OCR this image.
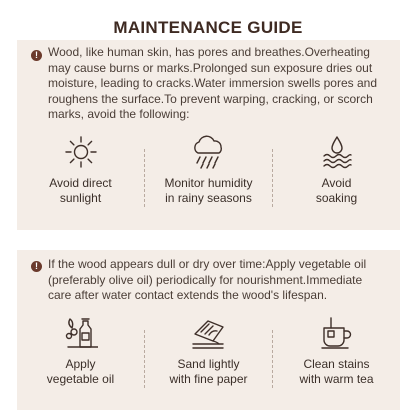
MAINTENANCE GUIDE
! Wood, like human skin, has pores and breathes.Overheating may cause burns or marks.Prolonged sun exposure dries out moisture, leading to cracks.Water immersion swells pores and roughens the surface.To prevent warping, cracking, or scorch marks, avoid the following:
Avoid direct
sunlight
Monitor humidity
in rainy seasons
Avoid
soaking
! If the wood appears dull or dry over time:Apply vegetable oil (preferably olive oil) periodically for nourishment.Immediate care after water contact extends the wood's lifespan.
Apply
vegetable oil
Sand lightly
with fine paper
Clean stains
with warm tea
